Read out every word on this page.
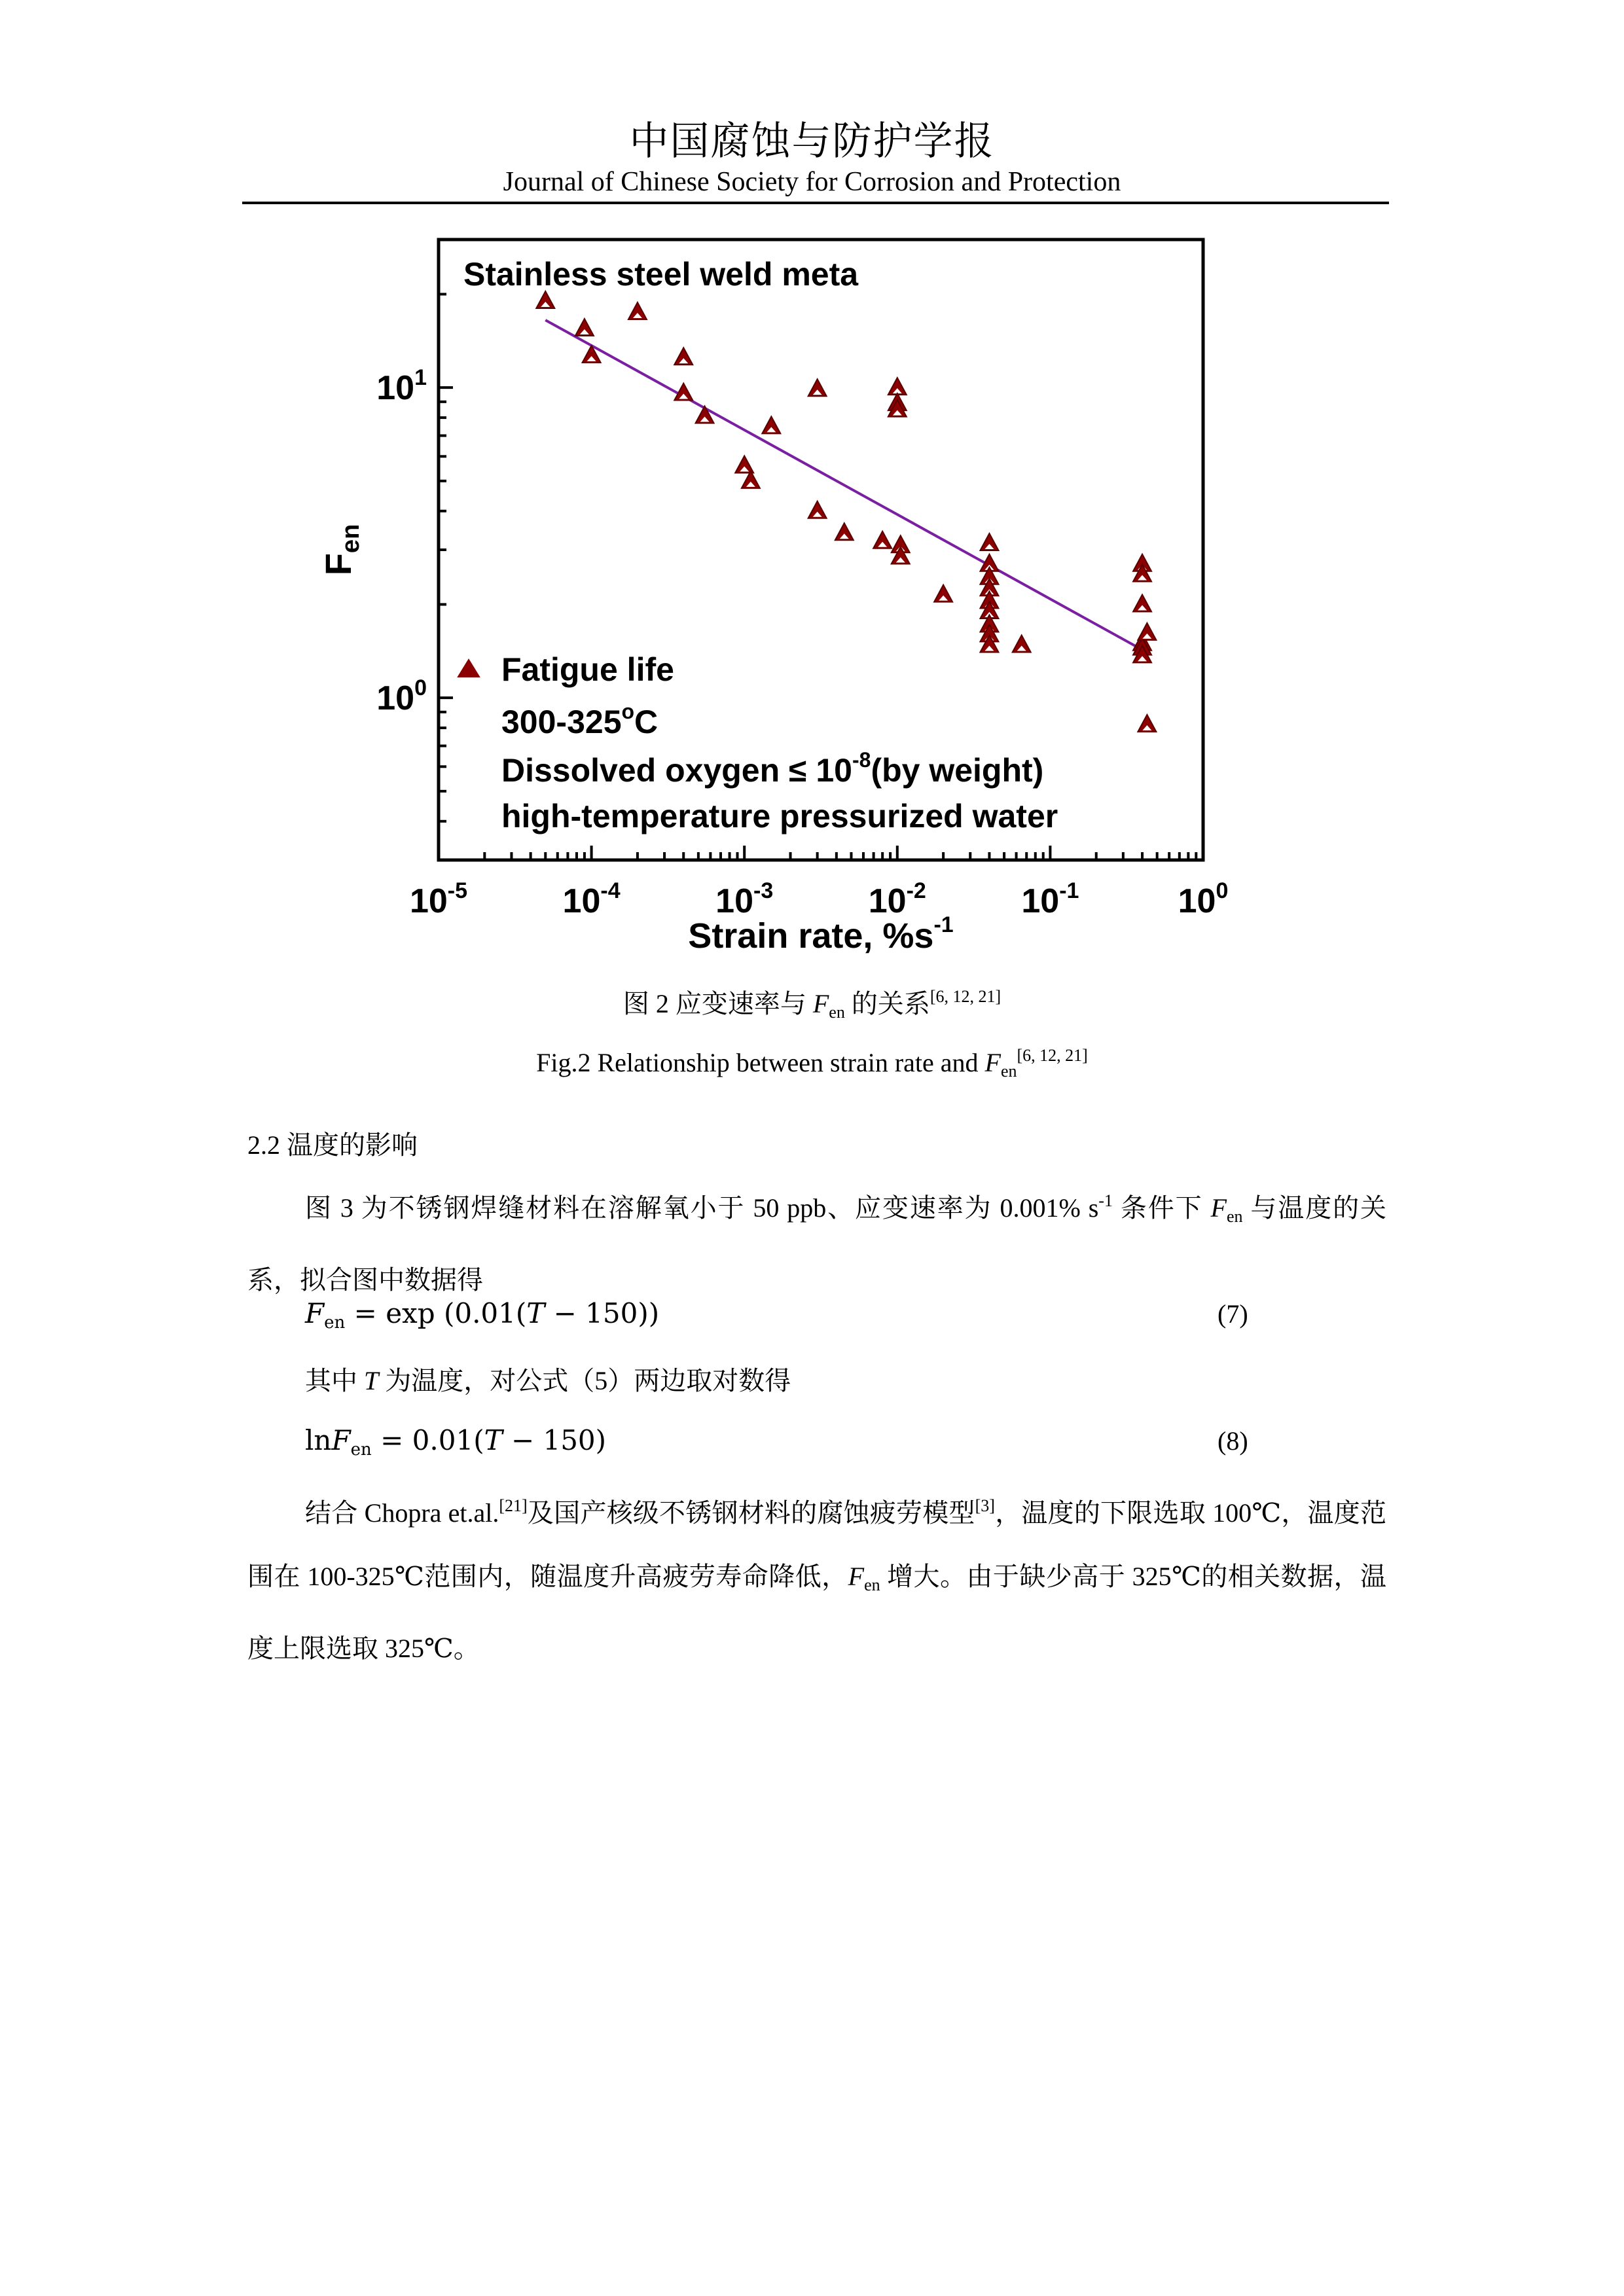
中国腐蚀与防护学报
Journal of Chinese Society for Corrosion and Protection
$10^{-5}$	$10^{-4}$	$10^{-3}$	$10^{-2}$	$10^{-1}$	$10^0$
$10^0$
$10^1$
Stainless steel weld meta
Fatigue life
300-325$^o$C
Dissolved oxygen ≤ $10^{-8}(by$ weight)
high-temperature pressurized water
Strain rate, $\%s^{-1}$
$F_{en}$
图 2 应变速率与 $F_{en}$ 的关系[6, 12, 21]
Fig.2 Relationship between strain rate and $F_{en}[6, 12, 21]$
2.2 温度的影响
图 3 为不锈钢焊缝材料在溶解氧小于 50 ppb、应变速率为 0.001% $s^{-1}$ 条件下 $F_{en}$ 与温度的关系，拟合图中数据得
$F_{en} = \exp (0.01(T - 150))$	(7)
其中 T 为温度，对公式（5）两边取对数得
lnF$_{en}$ = 0.01(T − 150)	(8)
结合 Chopra et.al.[21]及国产核级不锈钢材料的腐蚀疲劳模型[3]，温度的下限选取 100℃，温度范围在 100-325℃范围内，随温度升高疲劳寿命降低，$F_{en}$ 增大。由于缺少高于 325℃的相关数据，温度上限选取 325℃。
